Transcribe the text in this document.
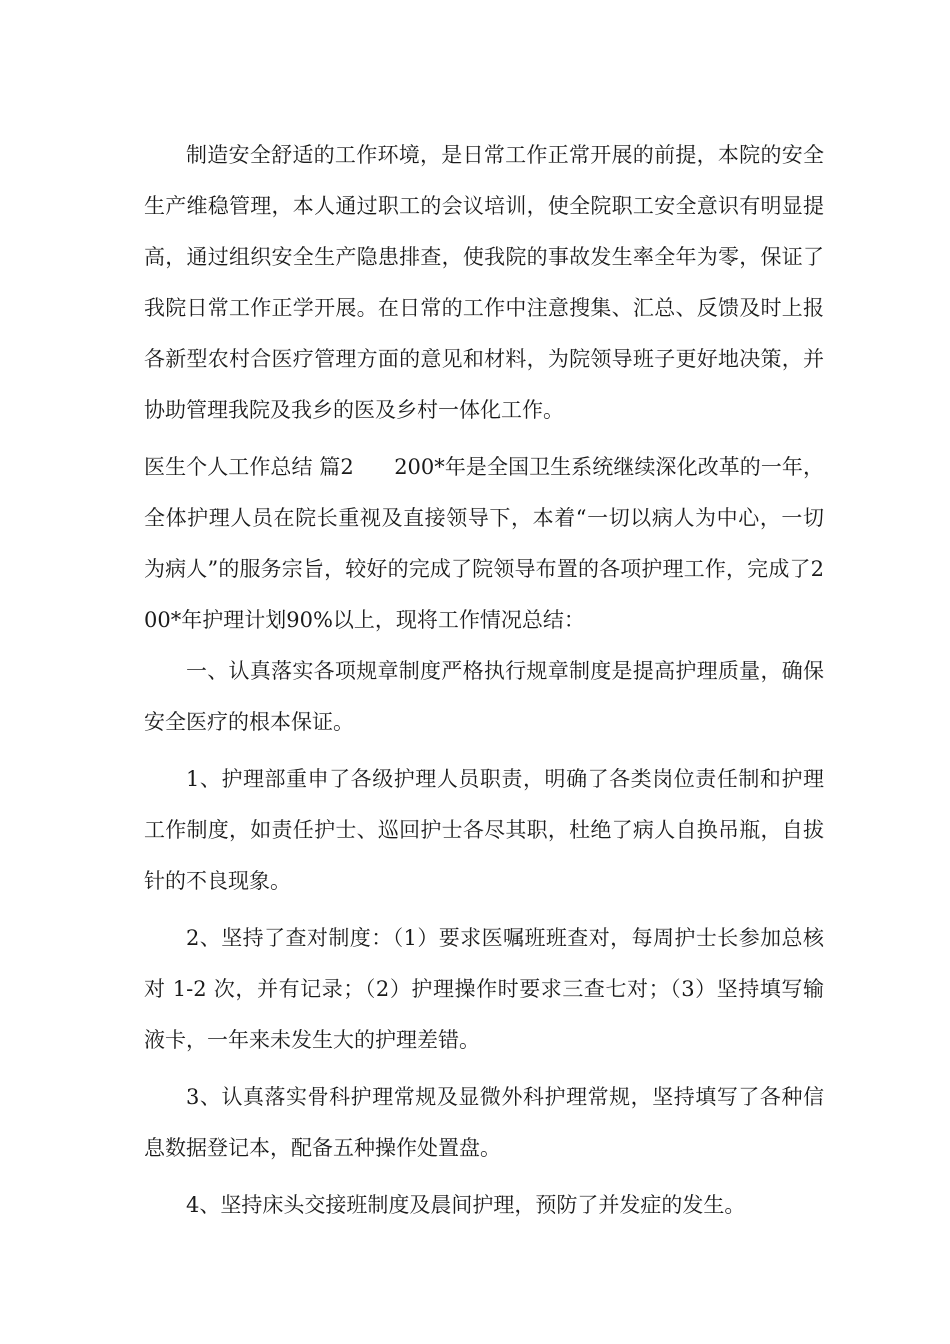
制造安全舒适的工作环境，是日常工作正常开展的前提，本院的安全生产维稳管理，本人通过职工的会议培训，使全院职工安全意识有明显提高，通过组织安全生产隐患排查，使我院的事故发生率全年为零，保证了我院日常工作正学开展。在日常的工作中注意搜集、汇总、反馈及时上报各新型农村合医疗管理方面的意见和材料，为院领导班子更好地决策，并协助管理我院及我乡的医及乡村一体化工作。

医生个人工作总结 篇2 200*年是全国卫生系统继续深化改革的一年，全体护理人员在院长重视及直接领导下，本着“一切以病人为中心，一切为病人”的服务宗旨，较好的完成了院领导布置的各项护理工作，完成了200*年护理计划90%以上，现将工作情况总结：

一、认真落实各项规章制度严格执行规章制度是提高护理质量，确保安全医疗的根本保证。

1、护理部重申了各级护理人员职责，明确了各类岗位责任制和护理工作制度，如责任护士、巡回护士各尽其职，杜绝了病人自换吊瓶，自拔针的不良现象。

2、坚持了查对制度：（1）要求医嘱班班查对，每周护士长参加总核对 1-2 次，并有记录；（2）护理操作时要求三查七对；（3）坚持填写输液卡，一年来未发生大的护理差错。

3、认真落实骨科护理常规及显微外科护理常规，坚持填写了各种信息数据登记本，配备五种操作处置盘。

4、坚持床头交接班制度及晨间护理，预防了并发症的发生。
